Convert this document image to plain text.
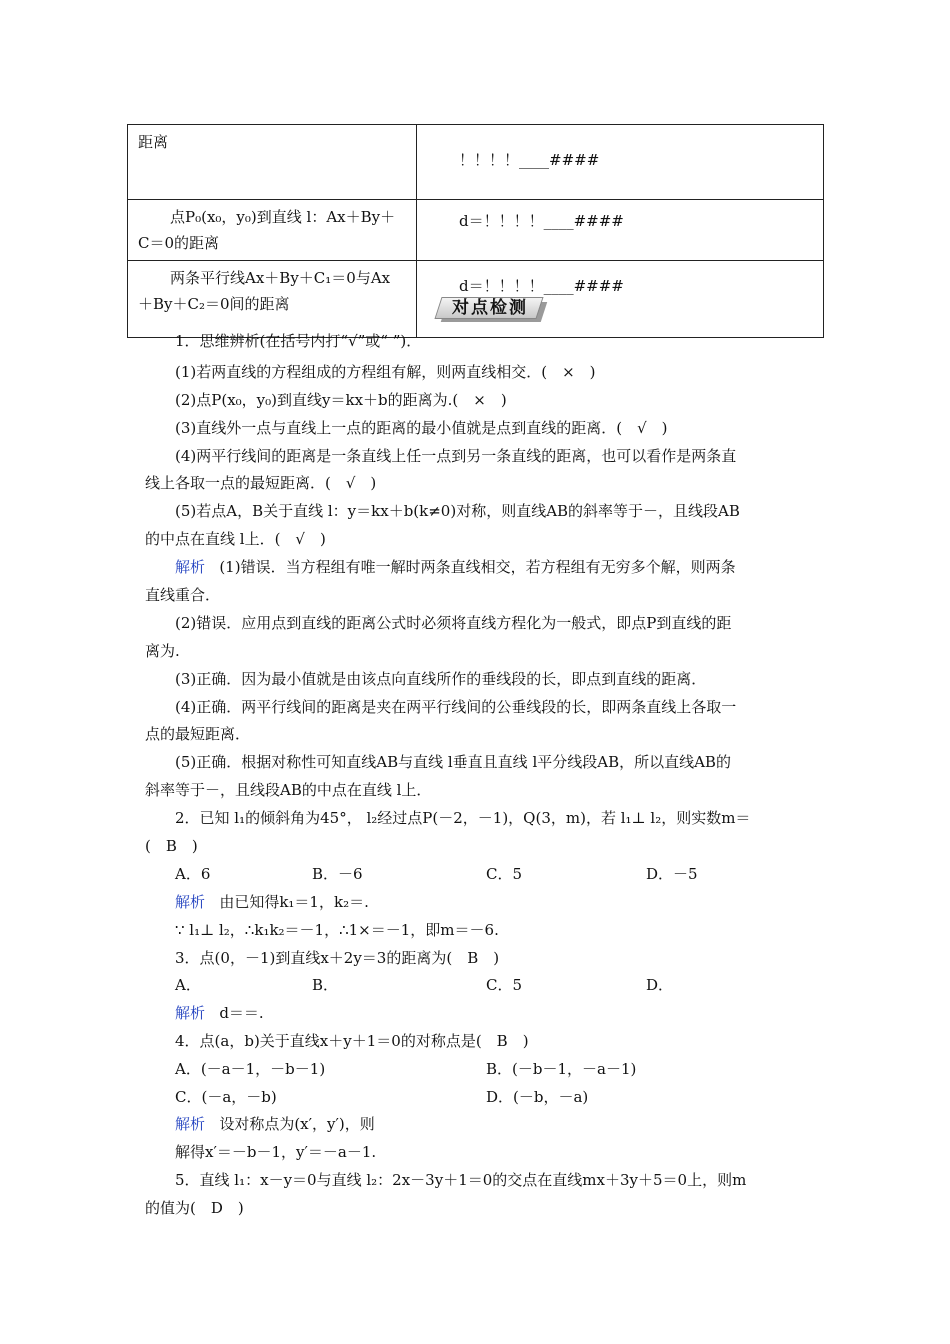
距离	！！！！____####

点P₀(x₀，y₀)到直线 l：Ax＋By＋
C＝0的距离	d＝！！！！____####

两条平行线Ax＋By＋C₁＝0与Ax
＋By＋C₂＝0间的距离	d＝！！！！____####
对点检测
1．思维辨析(在括号内打“√”或“ ”)．
(1)若两直线的方程组成的方程组有解，则两直线相交．(　×　)
(2)点P(x₀，y₀)到直线y＝kx＋b的距离为.(　×　)
(3)直线外一点与直线上一点的距离的最小值就是点到直线的距离．(　√　)
(4)两平行线间的距离是一条直线上任一点到另一条直线的距离，也可以看作是两条直
线上各取一点的最短距离．(　√　)
(5)若点A，B关于直线 l：y＝kx＋b(k≠0)对称，则直线AB的斜率等于－，且线段AB
的中点在直线 l上．(　√　)
解析 (1)错误．当方程组有唯一解时两条直线相交，若方程组有无穷多个解，则两条
直线重合．
(2)错误．应用点到直线的距离公式时必须将直线方程化为一般式，即点P到直线的距
离为.
(3)正确．因为最小值就是由该点向直线所作的垂线段的长，即点到直线的距离．
(4)正确．两平行线间的距离是夹在两平行线间的公垂线段的长，即两条直线上各取一
点的最短距离．
(5)正确．根据对称性可知直线AB与直线 l垂直且直线 l平分线段AB，所以直线AB的
斜率等于－，且线段AB的中点在直线 l上．
2．已知 l₁的倾斜角为45°， l₂经过点P(－2，－1)，Q(3，m)，若 l₁⊥ l₂，则实数m＝
(　B　)
A．6	B．－6	C．5	D．－5
解析 由已知得k₁＝1，k₂＝.
∵ l₁⊥ l₂，∴k₁k₂＝－1，∴1×＝－1，即m＝－6.
3．点(0，－1)到直线x＋2y＝3的距离为(　B　)
A．	B．	C．5	D．
解析 d＝＝.
4．点(a，b)关于直线x＋y＋1＝0的对称点是(　B　)
A．(－a－1，－b－1)	B．(－b－1，－a－1)
C．(－a，－b)	D．(－b，－a)
解析 设对称点为(x′，y′)，则
解得x′＝－b－1，y′＝－a－1.
5．直线 l₁：x－y＝0与直线 l₂：2x－3y＋1＝0的交点在直线mx＋3y＋5＝0上，则m
的值为(　D　)
